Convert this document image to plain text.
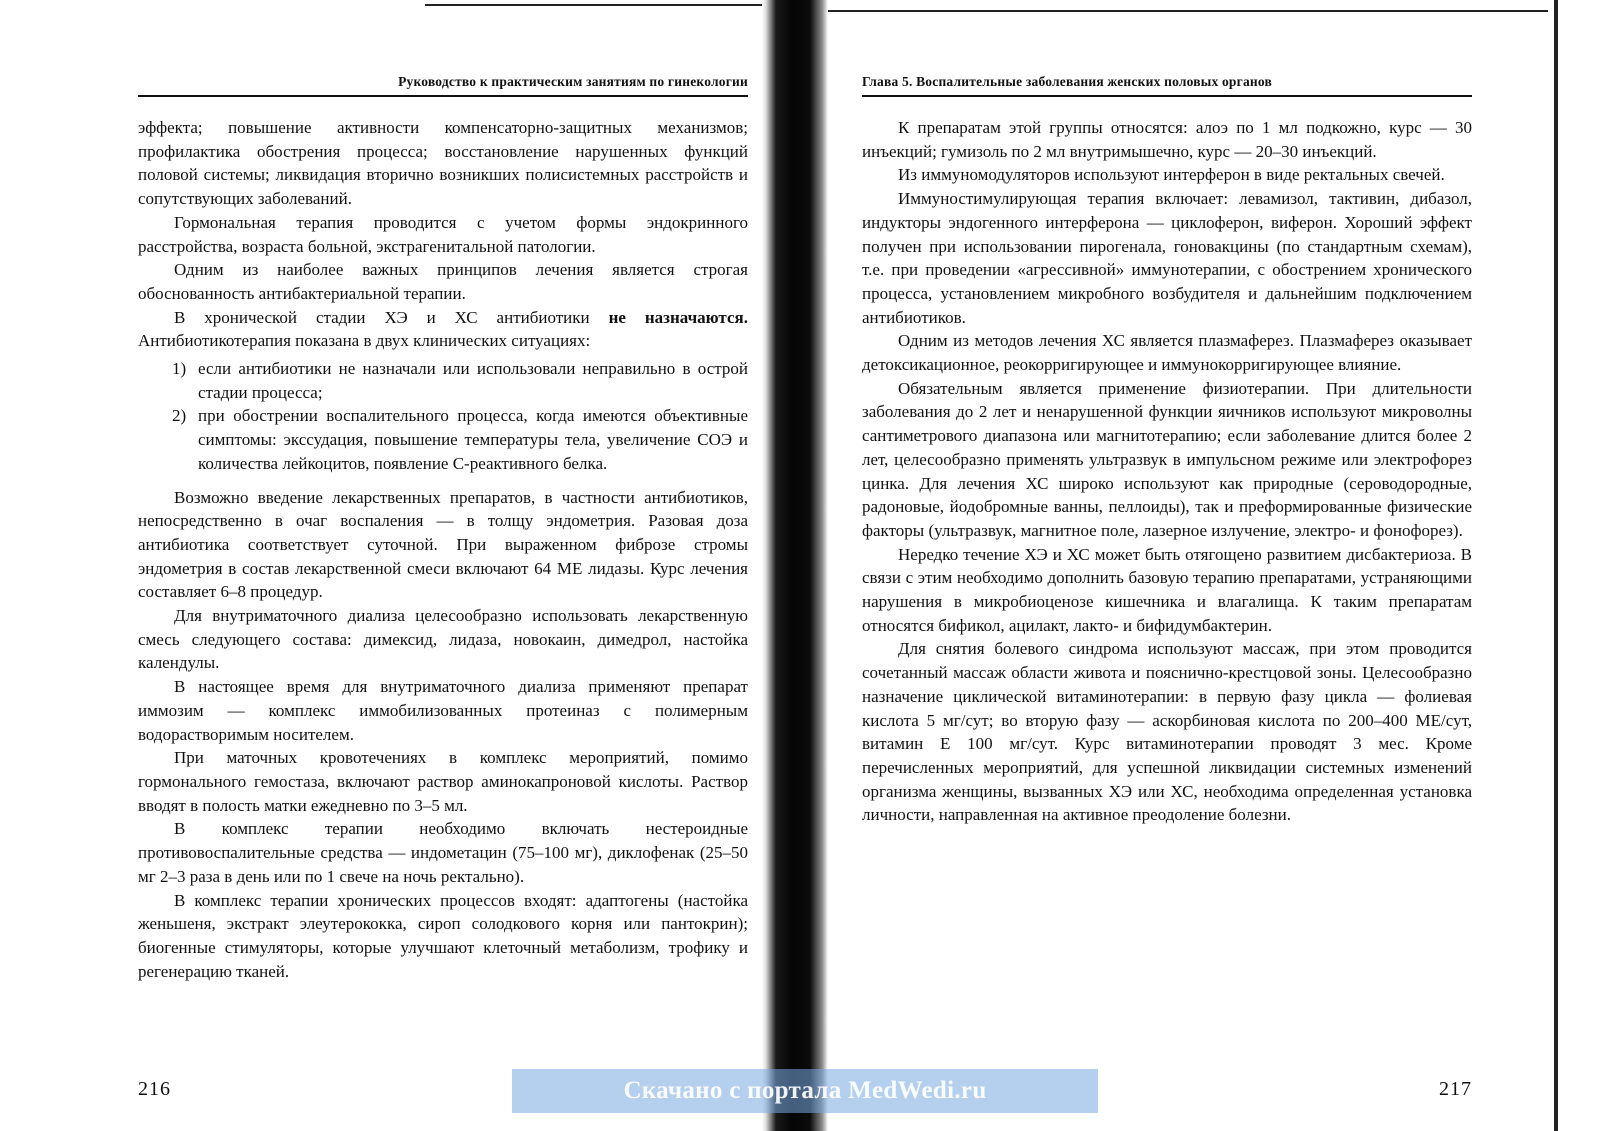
Руководство к практическим занятиям по гинекологии

эффекта; повышение активности компенсаторно-защитных механизмов; профилактика обострения процесса; восстановление нарушенных функций половой системы; ликвидация вторично возникших полисистемных расстройств и сопутствующих заболеваний.

Гормональная терапия проводится с учетом формы эндокринного расстройства, возраста больной, экстрагенитальной патологии.

Одним из наиболее важных принципов лечения является строгая обоснованность антибактериальной терапии.

В хронической стадии ХЭ и ХС антибиотики не назначаются. Антибиотикотерапия показана в двух клинических ситуациях:

1) если антибиотики не назначали или использовали неправильно в острой стадии процесса;
2) при обострении воспалительного процесса, когда имеются объективные симптомы: экссудация, повышение температуры тела, увеличение СОЭ и количества лейкоцитов, появление С-реактивного белка.

Возможно введение лекарственных препаратов, в частности антибиотиков, непосредственно в очаг воспаления — в толщу эндометрия. Разовая доза антибиотика соответствует суточной. При выраженном фиброзе стромы эндометрия в состав лекарственной смеси включают 64 МЕ лидазы. Курс лечения составляет 6–8 процедур.

Для внутриматочного диализа целесообразно использовать лекарственную смесь следующего состава: димексид, лидаза, новокаин, димедрол, настойка календулы.

В настоящее время для внутриматочного диализа применяют препарат иммозим — комплекс иммобилизованных протеиназ с полимерным водорастворимым носителем.

При маточных кровотечениях в комплекс мероприятий, помимо гормонального гемостаза, включают раствор аминокапроновой кислоты. Раствор вводят в полость матки ежедневно по 3–5 мл.

В комплекс терапии необходимо включать нестероидные противовоспалительные средства — индометацин (75–100 мг), диклофенак (25–50 мг 2–3 раза в день или по 1 свече на ночь ректально).

В комплекс терапии хронических процессов входят: адаптогены (настойка женьшеня, экстракт элеутерококка, сироп солодкового корня или пантокрин); биогенные стимуляторы, которые улучшают клеточный метаболизм, трофику и регенерацию тканей.

216
Глава 5. Воспалительные заболевания женских половых органов

К препаратам этой группы относятся: алоэ по 1 мл подкожно, курс — 30 инъекций; гумизоль по 2 мл внутримышечно, курс — 20–30 инъекций.

Из иммуномодуляторов используют интерферон в виде ректальных свечей.

Иммуностимулирующая терапия включает: левамизол, тактивин, дибазол, индукторы эндогенного интерферона — циклоферон, виферон. Хороший эффект получен при использовании пирогенала, гоновакцины (по стандартным схемам), т.е. при проведении «агрессивной» иммунотерапии, с обострением хронического процесса, установлением микробного возбудителя и дальнейшим подключением антибиотиков.

Одним из методов лечения ХС является плазмаферез. Плазмаферез оказывает детоксикационное, реокорригирующее и иммунокорригирующее влияние.

Обязательным является применение физиотерапии. При длительности заболевания до 2 лет и ненарушенной функции яичников используют микроволны сантиметрового диапазона или магнитотерапию; если заболевание длится более 2 лет, целесообразно применять ультразвук в импульсном режиме или электрофорез цинка. Для лечения ХС широко используют как природные (сероводородные, радоновые, йодобромные ванны, пеллоиды), так и преформированные физические факторы (ультразвук, магнитное поле, лазерное излучение, электро- и фонофорез).

Нередко течение ХЭ и ХС может быть отягощено развитием дисбактериоза. В связи с этим необходимо дополнить базовую терапию препаратами, устраняющими нарушения в микробиоценозе кишечника и влагалища. К таким препаратам относятся бификол, ацилакт, лакто- и бифидумбактерин.

Для снятия болевого синдрома используют массаж, при этом проводится сочетанный массаж области живота и пояснично-крестцовой зоны. Целесообразно назначение циклической витаминотерапии: в первую фазу цикла — фолиевая кислота 5 мг/сут; во вторую фазу — аскорбиновая кислота по 200–400 МЕ/сут, витамин Е 100 мг/сут. Курс витаминотерапии проводят 3 мес. Кроме перечисленных мероприятий, для успешной ликвидации системных изменений организма женщины, вызванных ХЭ или ХС, необходима определенная установка личности, направленная на активное преодоление болезни.

217
Скачано с портала MedWedi.ru
